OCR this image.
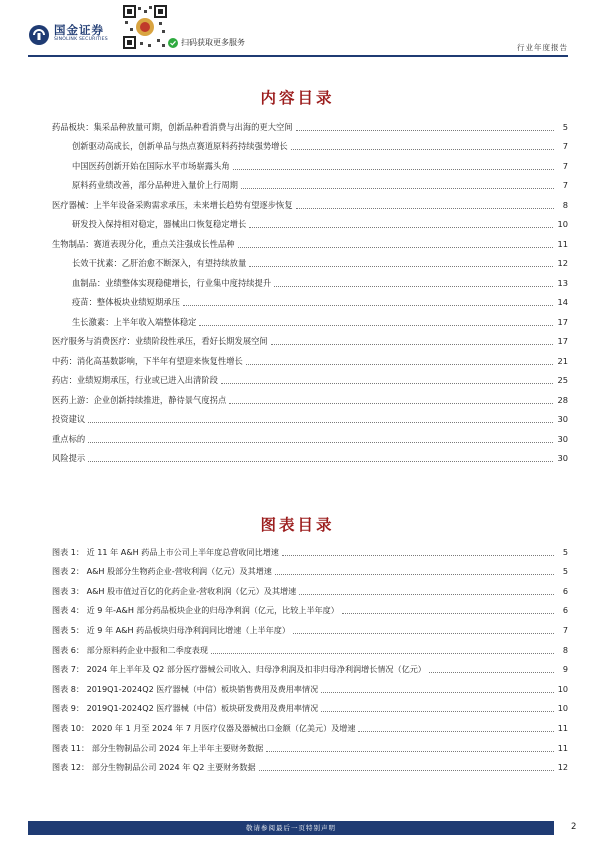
国金证券
SINOLINK SECURITIES	扫码获取更多服务
行业年度报告
内容目录
药品板块：集采品种放量可期，创新品种看消费与出海的更大空间	5
创新驱动高成长，创新单品与热点赛道原料药持续强势增长	7
中国医药创新开始在国际水平市场崭露头角	7
原料药业绩改善，部分品种进入量价上行周期	7
医疗器械：上半年设备采购需求承压，未来增长趋势有望逐步恢复	8
研发投入保持相对稳定，器械出口恢复稳定增长	10
生物制品：赛道表现分化，重点关注强成长性品种	11
长效干扰素：乙肝治愈不断深入，有望持续放量	12
血制品：业绩整体实现稳健增长，行业集中度持续提升	13
疫苗：整体板块业绩短期承压	14
生长激素：上半年收入端整体稳定	17
医疗服务与消费医疗：业绩阶段性承压，看好长期发展空间	17
中药：消化高基数影响，下半年有望迎来恢复性增长	21
药店：业绩短期承压，行业或已进入出清阶段	25
医药上游：企业创新持续推进，静待景气度拐点	28
投资建议	30
重点标的	30
风险提示	30
图表目录
图表 1： 近 11 年 A&H 药品上市公司上半年度总营收同比增速	5
图表 2： A&H 股部分生物药企业-营收利润（亿元）及其增速	5
图表 3： A&H 股市值过百亿的化药企业-营收利润（亿元）及其增速	6
图表 4： 近 9 年-A&H 部分药品板块企业的归母净利润（亿元，比较上半年度）	6
图表 5： 近 9 年 A&H 药品板块归母净利润同比增速（上半年度）	7
图表 6： 部分原料药企业中报和二季度表现	8
图表 7： 2024 年上半年及 Q2 部分医疗器械公司收入、归母净利润及扣非归母净利润增长情况（亿元）	9
图表 8： 2019Q1-2024Q2 医疗器械（中信）板块销售费用及费用率情况	10
图表 9： 2019Q1-2024Q2 医疗器械（中信）板块研发费用及费用率情况	10
图表 10： 2020 年 1 月至 2024 年 7 月医疗仪器及器械出口金额（亿美元）及增速	11
图表 11： 部分生物制品公司 2024 年上半年主要财务数据	11
图表 12： 部分生物制品公司 2024 年 Q2 主要财务数据	12
敬请参阅最后一页特别声明	2
